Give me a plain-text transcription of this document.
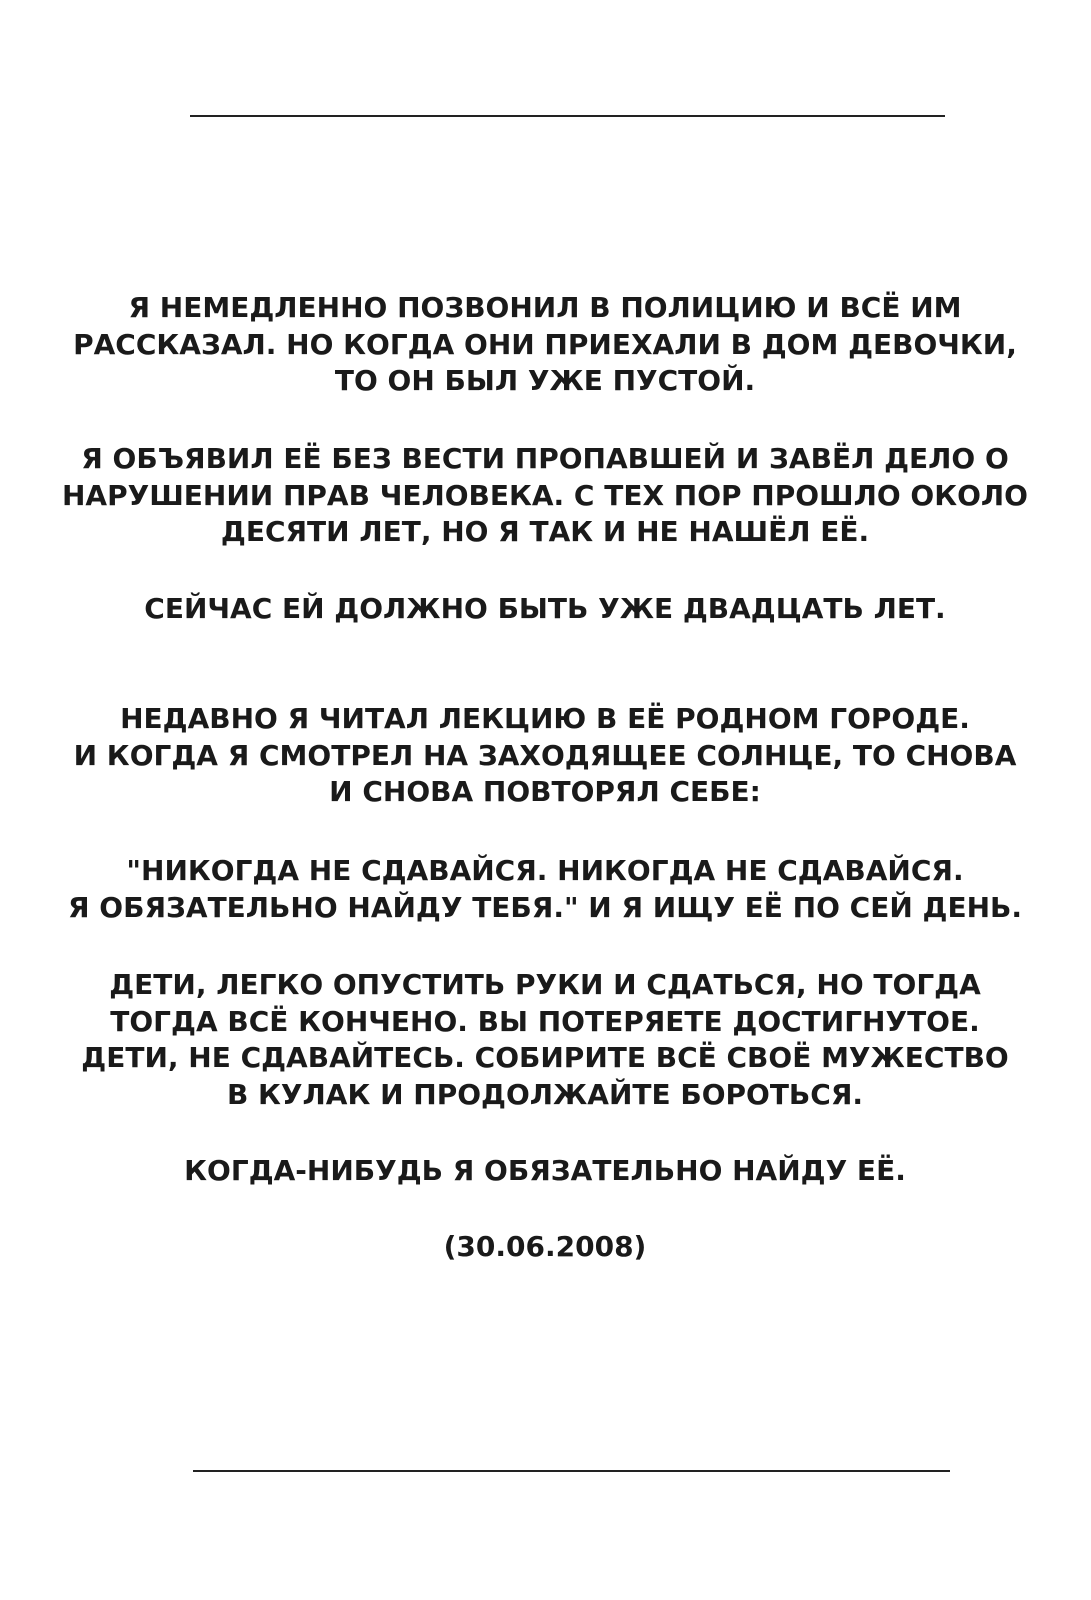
Я НЕМЕДЛЕННО ПОЗВОНИЛ В ПОЛИЦИЮ И ВСЁ ИМ
РАССКАЗАЛ. НО КОГДА ОНИ ПРИЕХАЛИ В ДОМ ДЕВОЧКИ,
ТО ОН БЫЛ УЖЕ ПУСТОЙ.
Я ОБЪЯВИЛ ЕЁ БЕЗ ВЕСТИ ПРОПАВШЕЙ И ЗАВЁЛ ДЕЛО О
НАРУШЕНИИ ПРАВ ЧЕЛОВЕКА. С ТЕХ ПОР ПРОШЛО ОКОЛО
ДЕСЯТИ ЛЕТ, НО Я ТАК И НЕ НАШЁЛ ЕЁ.
СЕЙЧАС ЕЙ ДОЛЖНО БЫТЬ УЖЕ ДВАДЦАТЬ ЛЕТ.
НЕДАВНО Я ЧИТАЛ ЛЕКЦИЮ В ЕЁ РОДНОМ ГОРОДЕ.
И КОГДА Я СМОТРЕЛ НА ЗАХОДЯЩЕЕ СОЛНЦЕ, ТО СНОВА
И СНОВА ПОВТОРЯЛ СЕБЕ:
"НИКОГДА НЕ СДАВАЙСЯ. НИКОГДА НЕ СДАВАЙСЯ.
Я ОБЯЗАТЕЛЬНО НАЙДУ ТЕБЯ." И Я ИЩУ ЕЁ ПО СЕЙ ДЕНЬ.
ДЕТИ, ЛЕГКО ОПУСТИТЬ РУКИ И СДАТЬСЯ, НО ТОГДА
ТОГДА ВСЁ КОНЧЕНО. ВЫ ПОТЕРЯЕТЕ ДОСТИГНУТОЕ.
ДЕТИ, НЕ СДАВАЙТЕСЬ. СОБИРИТЕ ВСЁ СВОЁ МУЖЕСТВО
В КУЛАК И ПРОДОЛЖАЙТЕ БОРОТЬСЯ.
КОГДА-НИБУДЬ Я ОБЯЗАТЕЛЬНО НАЙДУ ЕЁ.
(30.06.2008)
